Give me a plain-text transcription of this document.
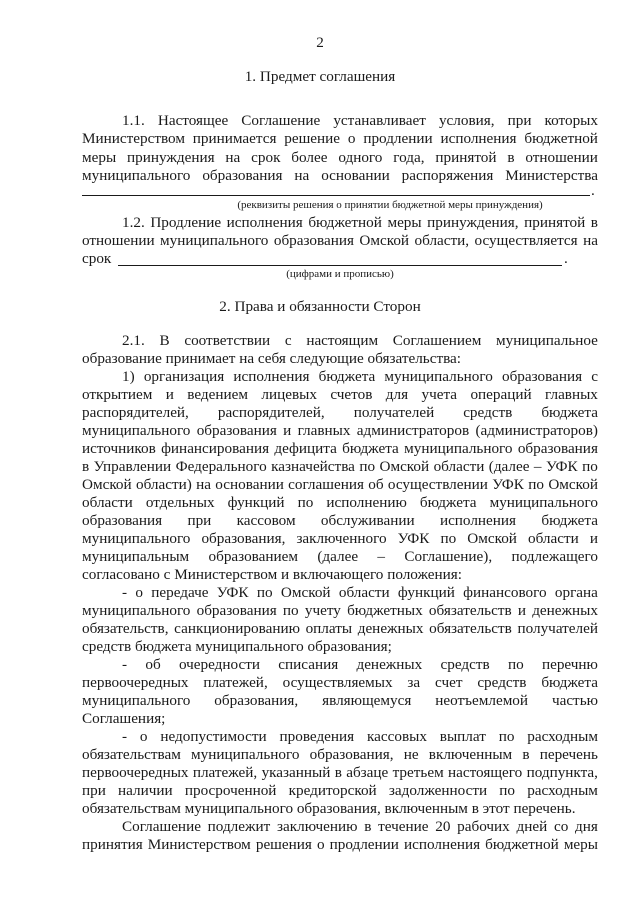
2
1. Предмет соглашения
1.1. Настоящее Соглашение устанавливает условия, при которых
Министерством принимается решение о продлении исполнения бюджетной
меры принуждения на срок более одного года, принятой в отношении
муниципального образования на основании распоряжения Министерства
.
(реквизиты решения о принятии бюджетной меры принуждения)
1.2. Продление исполнения бюджетной меры принуждения, принятой в
отношении муниципального образования Омской области, осуществляется на
срок	.
(цифрами и прописью)
2. Права и обязанности Сторон
2.1. В соответствии с настоящим Соглашением муниципальное
образование принимает на себя следующие обязательства:
1) организация исполнения бюджета муниципального образования с
открытием и ведением лицевых счетов для учета операций главных
распорядителей, распорядителей, получателей средств бюджета
муниципального образования и главных администраторов (администраторов)
источников финансирования дефицита бюджета муниципального образования
в Управлении Федерального казначейства по Омской области (далее – УФК по
Омской области) на основании соглашения об осуществлении УФК по Омской
области отдельных функций по исполнению бюджета муниципального
образования при кассовом обслуживании исполнения бюджета
муниципального образования, заключенного УФК по Омской области и
муниципальным образованием (далее – Соглашение), подлежащего
согласовано с Министерством и включающего положения:
- о передаче УФК по Омской области функций финансового органа
муниципального образования по учету бюджетных обязательств и денежных
обязательств, санкционированию оплаты денежных обязательств получателей
средств бюджета муниципального образования;
- об очередности списания денежных средств по перечню
первоочередных платежей, осуществляемых за счет средств бюджета
муниципального образования, являющемуся неотъемлемой частью
Соглашения;
- о недопустимости проведения кассовых выплат по расходным
обязательствам муниципального образования, не включенным в перечень
первоочередных платежей, указанный в абзаце третьем настоящего подпункта,
при наличии просроченной кредиторской задолженности по расходным
обязательствам муниципального образования, включенным в этот перечень.
Соглашение подлежит заключению в течение 20 рабочих дней со дня
принятия Министерством решения о продлении исполнения бюджетной меры
